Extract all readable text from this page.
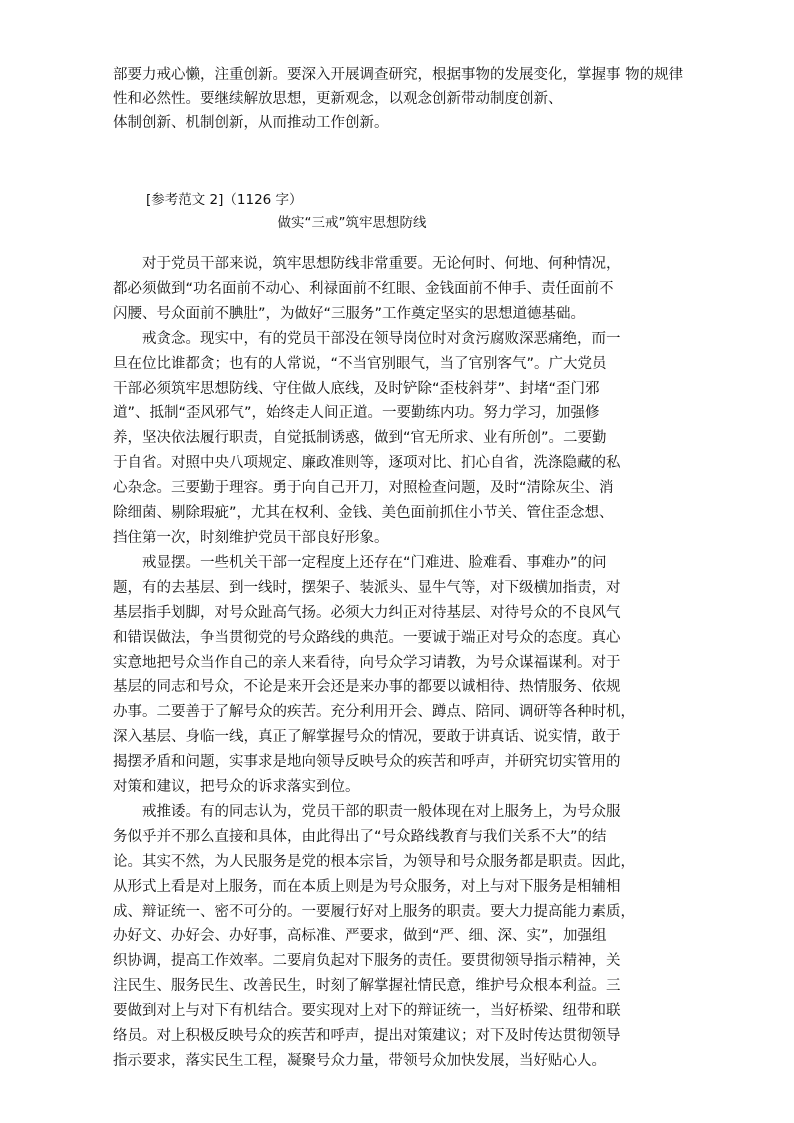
部要力戒心懒，注重创新。要深入开展调查研究，根据事物的发展变化，掌握事 物的规律

性和必然性。要继续解放思想，更新观念，以观念创新带动制度创新、

体制创新、机制创新，从而推动工作创新。

[参考范文 2]（1126 字）
做实“三戒”筑牢思想防线

　　对于党员干部来说，筑牢思想防线非常重要。无论何时、何地、何种情况，

都必须做到“功名面前不动心、利禄面前不红眼、金钱面前不伸手、责任面前不

闪腰、号众面前不腆肚”，为做好“三服务”工作奠定坚实的思想道德基础。

　　戒贪念。现实中，有的党员干部没在领导岗位时对贪污腐败深恶痛绝，而一

旦在位比谁都贪；也有的人常说，“不当官别眼气，当了官别客气”。广大党员

干部必须筑牢思想防线、守住做人底线，及时铲除“歪枝斜芽”、封堵“歪门邪

道”、抵制“歪风邪气”，始终走人间正道。一要勤练内功。努力学习，加强修

养，坚决依法履行职责，自觉抵制诱惑，做到“官无所求、业有所创”。二要勤

于自省。对照中央八项规定、廉政准则等，逐项对比、扪心自省，洗涤隐藏的私

心杂念。三要勤于理容。勇于向自己开刀，对照检查问题，及时“清除灰尘、消

除细菌、剔除瑕疵”，尤其在权利、金钱、美色面前抓住小节关、管住歪念想、

挡住第一次，时刻维护党员干部良好形象。

　　戒显摆。一些机关干部一定程度上还存在“门难进、脸难看、事难办”的问

题，有的去基层、到一线时，摆架子、装派头、显牛气等，对下级横加指责，对

基层指手划脚，对号众趾高气扬。必须大力纠正对待基层、对待号众的不良风气

和错误做法，争当贯彻党的号众路线的典范。一要诚于端正对号众的态度。真心

实意地把号众当作自己的亲人来看待，向号众学习请教，为号众谋福谋利。对于

基层的同志和号众，不论是来开会还是来办事的都要以诚相待、热情服务、依规

办事。二要善于了解号众的疾苦。充分利用开会、蹲点、陪同、调研等各种时机，

深入基层、身临一线，真正了解掌握号众的情况，要敢于讲真话、说实情，敢于

揭摆矛盾和问题，实事求是地向领导反映号众的疾苦和呼声，并研究切实管用的

对策和建议，把号众的诉求落实到位。

　　戒推诿。有的同志认为，党员干部的职责一般体现在对上服务上，为号众服

务似乎并不那么直接和具体，由此得出了“号众路线教育与我们关系不大”的结

论。其实不然，为人民服务是党的根本宗旨，为领导和号众服务都是职责。因此，

从形式上看是对上服务，而在本质上则是为号众服务，对上与对下服务是相辅相

成、辩证统一、密不可分的。一要履行好对上服务的职责。要大力提高能力素质，

办好文、办好会、办好事，高标准、严要求，做到“严、细、深、实”，加强组

织协调，提高工作效率。二要肩负起对下服务的责任。要贯彻领导指示精神，关

注民生、服务民生、改善民生，时刻了解掌握社情民意，维护号众根本利益。三

要做到对上与对下有机结合。要实现对上对下的辩证统一，当好桥梁、纽带和联

络员。对上积极反映号众的疾苦和呼声，提出对策建议；对下及时传达贯彻领导

指示要求，落实民生工程，凝聚号众力量，带领号众加快发展，当好贴心人。
